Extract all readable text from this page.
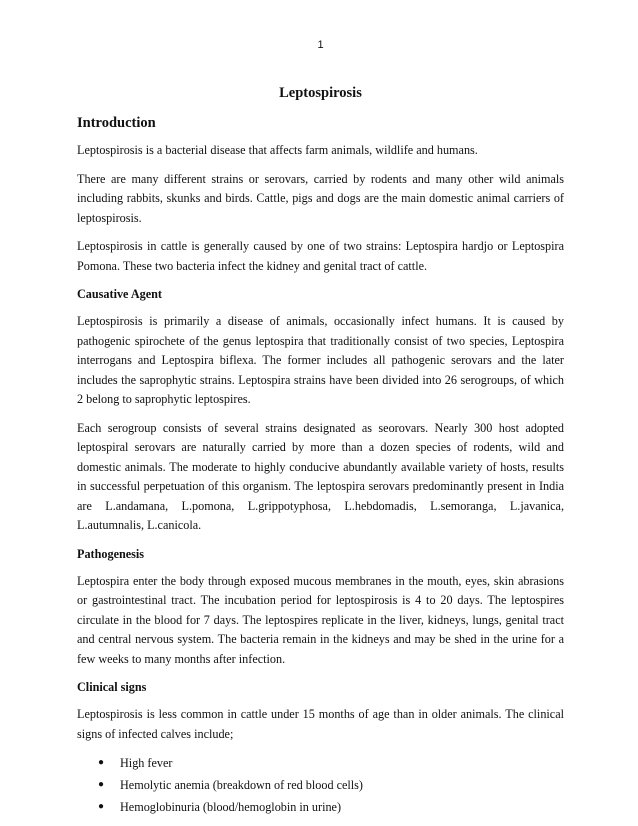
1
Leptospirosis
Introduction

Leptospirosis is a bacterial disease that affects farm animals, wildlife and humans.

There are many different strains or serovars, carried by rodents and many other wild animals including rabbits, skunks and birds. Cattle, pigs and dogs are the main domestic animal carriers of leptospirosis.

Leptospirosis in cattle is generally caused by one of two strains: Leptospira hardjo or Leptospira Pomona. These two bacteria infect the kidney and genital tract of cattle.

Causative Agent

Leptospirosis is primarily a disease of animals, occasionally infect humans. It is caused by pathogenic spirochete of the genus leptospira that traditionally consist of two species, Leptospira interrogans and Leptospira biflexa. The former includes all pathogenic serovars and the later includes the saprophytic strains. Leptospira strains have been divided into 26 serogroups, of which 2 belong to saprophytic leptospires.

Each serogroup consists of several strains designated as seorovars. Nearly 300 host adopted leptospiral serovars are naturally carried by more than a dozen species of rodents, wild and domestic animals. The moderate to highly conducive abundantly available variety of hosts, results in successful perpetuation of this organism. The leptospira serovars predominantly present in India are L.andamana, L.pomona, L.grippotyphosa, L.hebdomadis, L.semoranga, L.javanica, L.autumnalis, L.canicola.

Pathogenesis

Leptospira enter the body through exposed mucous membranes in the mouth, eyes, skin abrasions or gastrointestinal tract. The incubation period for leptospirosis is 4 to 20 days. The leptospires circulate in the blood for 7 days. The leptospires replicate in the liver, kidneys, lungs, genital tract and central nervous system. The bacteria remain in the kidneys and may be shed in the urine for a few weeks to many months after infection.

Clinical signs

Leptospirosis is less common in cattle under 15 months of age than in older animals. The clinical signs of infected calves include;

● High fever
● Hemolytic anemia (breakdown of red blood cells)
● Hemoglobinuria (blood/hemoglobin in urine)
